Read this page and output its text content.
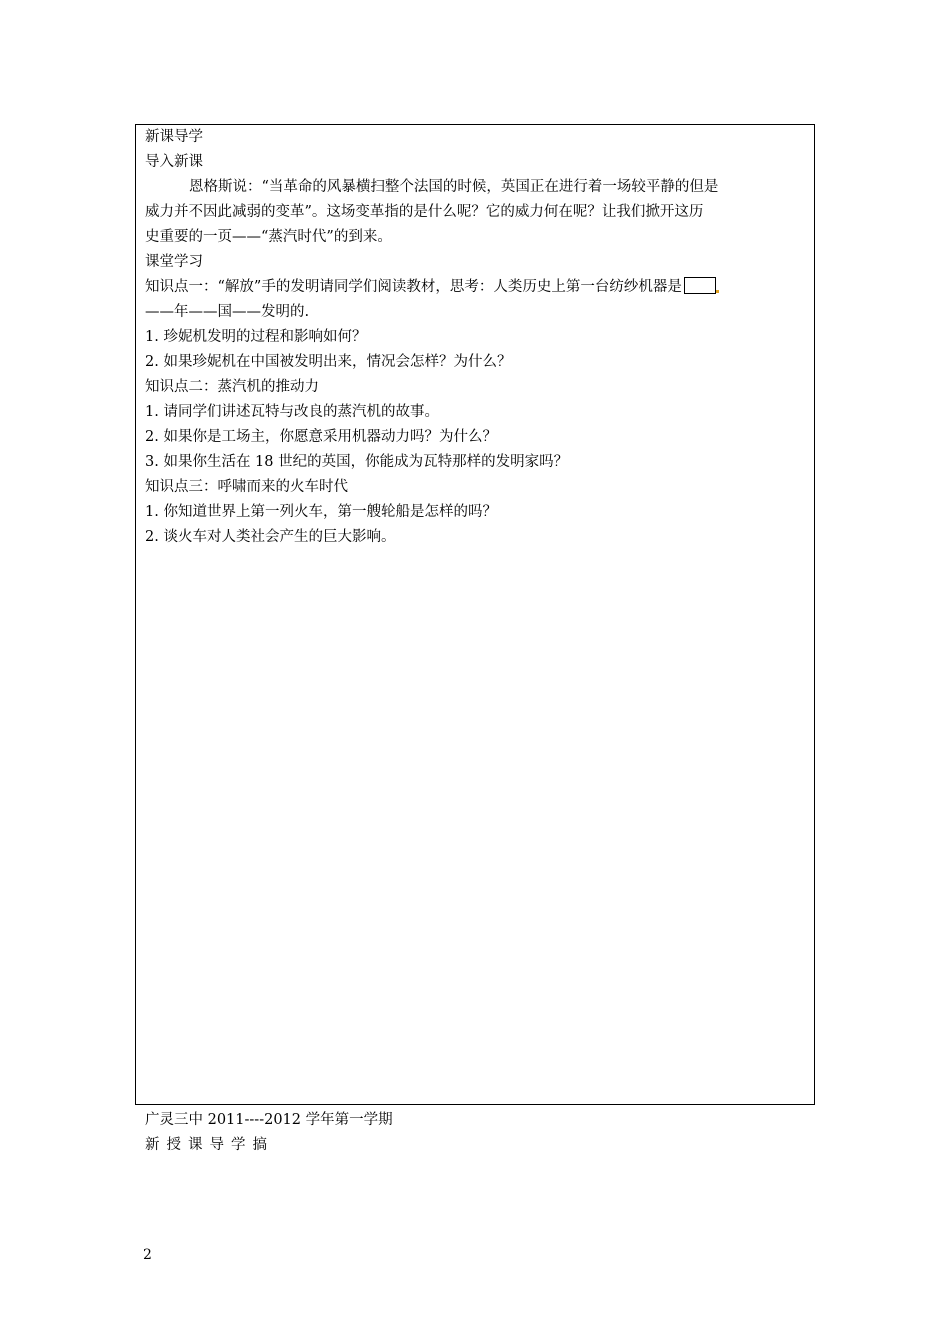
新课导学
导入新课
恩格斯说：“当革命的风暴横扫整个法国的时候，英国正在进行着一场较平静的但是
威力并不因此减弱的变革”。这场变革指的是什么呢？它的威力何在呢？让我们掀开这历
史重要的一页——“蒸汽时代”的到来。
课堂学习
知识点一：“解放”手的发明请同学们阅读教材，思考：人类历史上第一台纺纱机器是
——年——国——发明的.
1. 珍妮机发明的过程和影响如何？
2. 如果珍妮机在中国被发明出来，情况会怎样？为什么？
知识点二：蒸汽机的推动力
1. 请同学们讲述瓦特与改良的蒸汽机的故事。
2. 如果你是工场主，你愿意采用机器动力吗？为什么？
3. 如果你生活在 18 世纪的英国，你能成为瓦特那样的发明家吗？
知识点三：呼啸而来的火车时代
1. 你知道世界上第一列火车，第一艘轮船是怎样的吗？
2. 谈火车对人类社会产生的巨大影响。
广灵三中 2011----2012 学年第一学期
新授课导学搞
2
